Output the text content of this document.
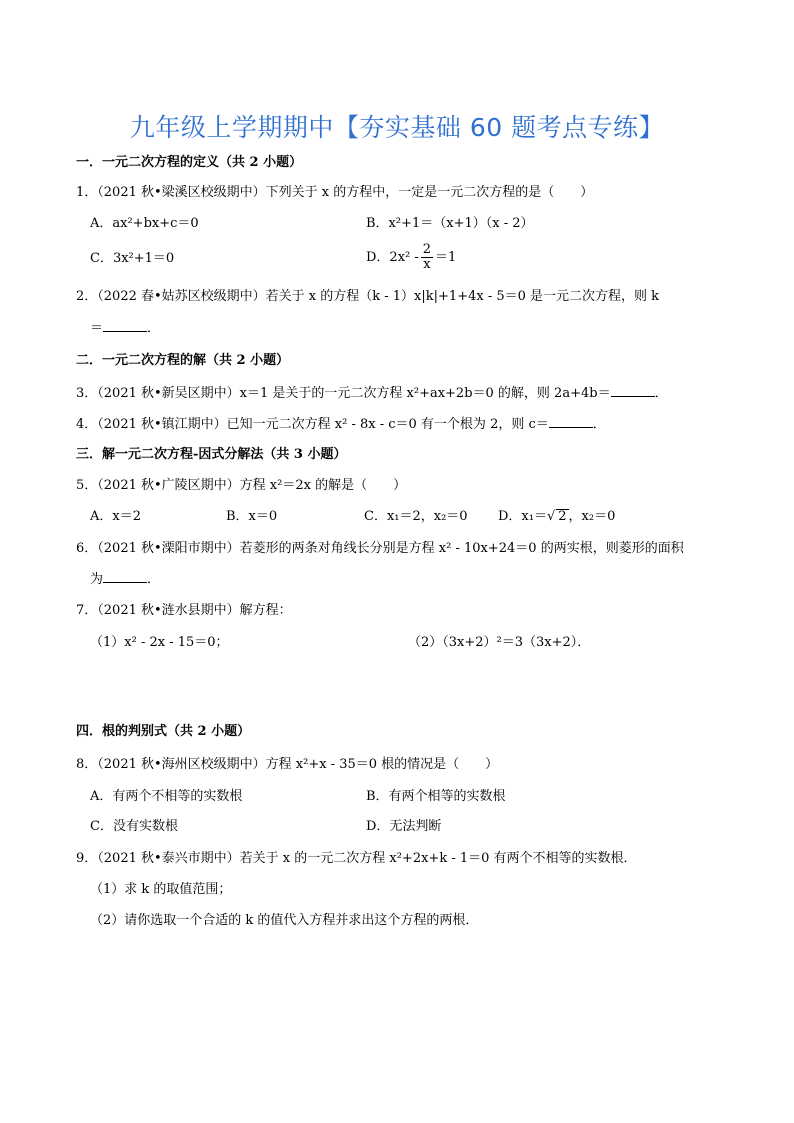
九年级上学期期中【夯实基础 60 题考点专练】
一．一元二次方程的定义（共 2 小题）
1．（2021 秋•梁溪区校级期中）下列关于 x 的方程中，一定是一元二次方程的是（　　）
A．ax²+bx+c＝0	B．x²+1＝（x+1）（x - 2）
C．3x²+1＝0	D．$2x^2 - \frac{2}{x} =1$
2．（2022 春•姑苏区校级期中）若关于 x 的方程（k - 1）x|k|+1+4x - 5＝0 是一元二次方程，则 k
＝	．
二．一元二次方程的解（共 2 小题）
3．（2021 秋•新吴区期中）x＝1 是关于的一元二次方程 x²+ax+2b＝0 的解，则 2a+4b＝	．
4．（2021 秋•镇江期中）已知一元二次方程 x² - 8x - c＝0 有一个根为 2，则 c＝	．
三．解一元二次方程-因式分解法（共 3 小题）
5．（2021 秋•广陵区期中）方程 x²＝2x 的解是（　　）
A．x＝2	B．x＝0	C．x₁＝2，x₂＝0 D．x₁＝√ 2 ，x₂＝0
6．（2021 秋•溧阳市期中）若菱形的两条对角线长分别是方程 x² - 10x+24＝0 的两实根，则菱形的面积
为	．
7．（2021 秋•涟水县期中）解方程：
（1）x² - 2x - 15＝0；	（2）（3x+2）²＝3（3x+2）．
四．根的判别式（共 2 小题）
8．（2021 秋•海州区校级期中）方程 x²+x - 35＝0 根的情况是（　　）
A．有两个不相等的实数根	B．有两个相等的实数根
C．没有实数根	D．无法判断
9．（2021 秋•泰兴市期中）若关于 x 的一元二次方程 x²+2x+k - 1＝0 有两个不相等的实数根．
（1）求 k 的取值范围；
（2）请你选取一个合适的 k 的值代入方程并求出这个方程的两根．
